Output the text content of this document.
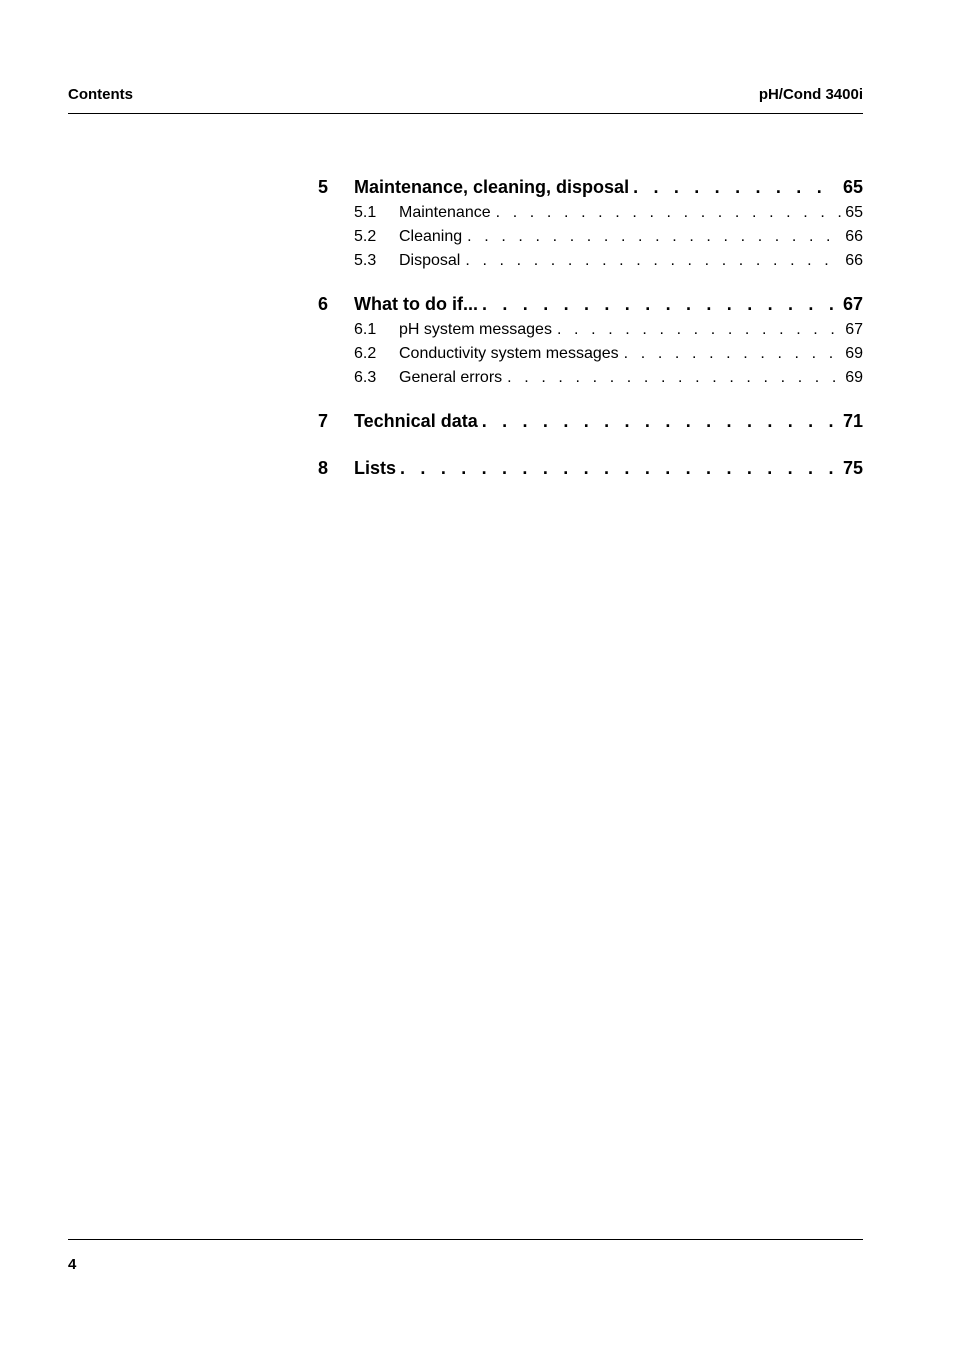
Contents	pH/Cond 3400i
5	Maintenance, cleaning, disposal . . .	65
5.1	Maintenance . . .	65
5.2	Cleaning . . .	66
5.3	Disposal . . .	66
6	What to do if... . . .	67
6.1	pH system messages . . .	67
6.2	Conductivity system messages . . .	69
6.3	General errors . . .	69
7	Technical data . . .	71
8	Lists . . .	75
4
